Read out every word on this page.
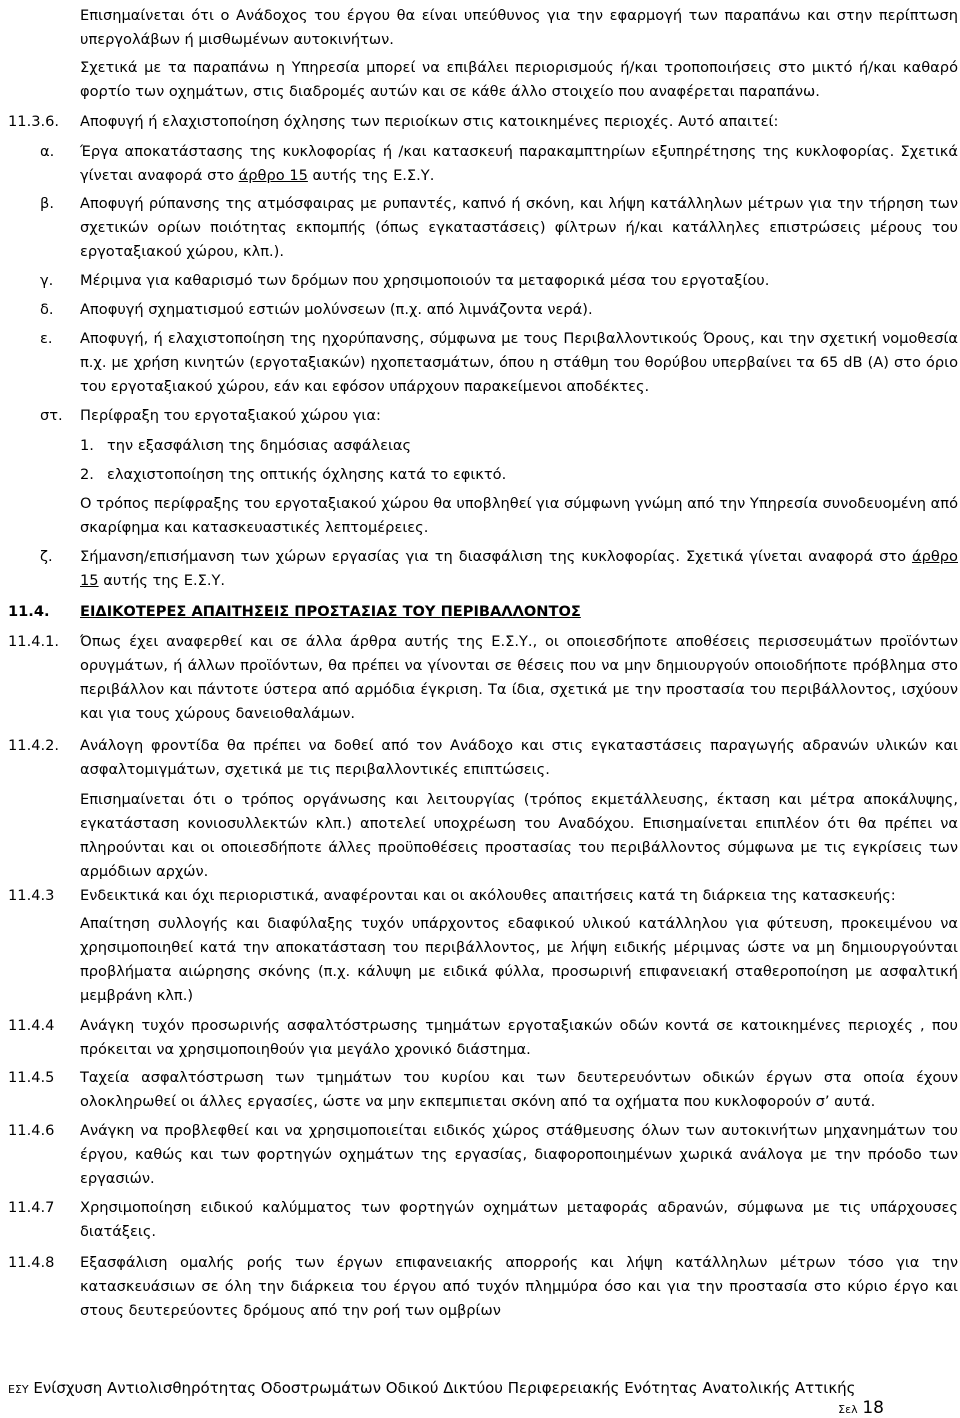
Επισημαίνεται ότι ο Ανάδοχος του έργου θα είναι υπεύθυνος για την εφαρμογή των παραπάνω και στην περίπτωση υπεργολάβων ή μισθωμένων αυτοκινήτων.

Σχετικά με τα παραπάνω η Υπηρεσία μπορεί να επιβάλει περιορισμούς ή/και τροποποιήσεις στο μικτό ή/και καθαρό φορτίο των οχημάτων, στις διαδρομές αυτών και σε κάθε άλλο στοιχείο που αναφέρεται παραπάνω.

11.3.6. Αποφυγή ή ελαχιστοποίηση όχλησης των περιοίκων στις κατοικημένες περιοχές. Αυτό απαιτεί:

α. Έργα αποκατάστασης της κυκλοφορίας ή /και κατασκευή παρακαμπτηρίων εξυπηρέτησης της κυκλοφορίας. Σχετικά γίνεται αναφορά στο άρθρο 15 αυτής της Ε.Σ.Υ.

β. Αποφυγή ρύπανσης της ατμόσφαιρας με ρυπαντές, καπνό ή σκόνη, και λήψη κατάλληλων μέτρων για την τήρηση των σχετικών ορίων ποιότητας εκπομπής (όπως εγκαταστάσεις) φίλτρων ή/και κατάλληλες επιστρώσεις μέρους του εργοταξιακού χώρου, κλπ.).

γ. Μέριμνα για καθαρισμό των δρόμων που χρησιμοποιούν τα μεταφορικά μέσα του εργοταξίου.

δ. Αποφυγή σχηματισμού εστιών μολύνσεων (π.χ. από λιμνάζοντα νερά).

ε. Αποφυγή, ή ελαχιστοποίηση της ηχορύπανσης, σύμφωνα με τους Περιβαλλοντικούς Όρους, και την σχετική νομοθεσία π.χ. με χρήση κινητών (εργοταξιακών) ηχοπετασμάτων, όπου η στάθμη του θορύβου υπερβαίνει τα 65 dB (A) στο όριο του εργοταξιακού χώρου, εάν και εφόσον υπάρχουν παρακείμενοι αποδέκτες.

στ. Περίφραξη του εργοταξιακού χώρου για:

1. την εξασφάλιση της δημόσιας ασφάλειας
2. ελαχιστοποίηση της οπτικής όχλησης κατά το εφικτό.

Ο τρόπος περίφραξης του εργοταξιακού χώρου θα υποβληθεί για σύμφωνη γνώμη από την Υπηρεσία συνοδευομένη από σκαρίφημα και κατασκευαστικές λεπτομέρειες.

ζ. Σήμανση/επισήμανση των χώρων εργασίας για τη διασφάλιση της κυκλοφορίας. Σχετικά γίνεται αναφορά στο άρθρο 15 αυτής της Ε.Σ.Υ.

11.4. ΕΙΔΙΚΟΤΕΡΕΣ ΑΠΑΙΤΗΣΕΙΣ ΠΡΟΣΤΑΣΙΑΣ ΤΟΥ ΠΕΡΙΒΑΛΛΟΝΤΟΣ
11.4.1. Όπως έχει αναφερθεί και σε άλλα άρθρα αυτής της Ε.Σ.Υ., οι οποιεσδήποτε αποθέσεις περισσευμάτων προϊόντων ορυγμάτων, ή άλλων προϊόντων, θα πρέπει να γίνονται σε θέσεις που να μην δημιουργούν οποιοδήποτε πρόβλημα στο περιβάλλον και πάντοτε ύστερα από αρμόδια έγκριση. Τα ίδια, σχετικά με την προστασία του περιβάλλοντος, ισχύουν και για τους χώρους δανειοθαλάμων.

11.4.2. Ανάλογη φροντίδα θα πρέπει να δοθεί από τον Ανάδοχο και στις εγκαταστάσεις παραγωγής αδρανών υλικών και ασφαλτομιγμάτων, σχετικά με τις περιβαλλοντικές επιπτώσεις.

Επισημαίνεται ότι ο τρόπος οργάνωσης και λειτουργίας (τρόπος εκμετάλλευσης, έκταση και μέτρα αποκάλυψης, εγκατάσταση κονιοσυλλεκτών κλπ.) αποτελεί υποχρέωση του Αναδόχου. Επισημαίνεται επιπλέον ότι θα πρέπει να πληρούνται και οι οποιεσδήποτε άλλες προϋποθέσεις προστασίας του περιβάλλοντος σύμφωνα με τις εγκρίσεις των αρμόδιων αρχών.

11.4.3 Ενδεικτικά και όχι περιοριστικά, αναφέρονται και οι ακόλουθες απαιτήσεις κατά τη διάρκεια της κατασκευής:

Απαίτηση συλλογής και διαφύλαξης τυχόν υπάρχοντος εδαφικού υλικού κατάλληλου για φύτευση, προκειμένου να χρησιμοποιηθεί κατά την αποκατάσταση του περιβάλλοντος, με λήψη ειδικής μέριμνας ώστε να μη δημιουργούνται προβλήματα αιώρησης σκόνης (π.χ. κάλυψη με ειδικά φύλλα, προσωρινή επιφανειακή σταθεροποίηση με ασφαλτική μεμβράνη κλπ.)

11.4.4 Ανάγκη τυχόν προσωρινής ασφαλτόστρωσης τμημάτων εργοταξιακών οδών κοντά σε κατοικημένες περιοχές , που πρόκειται να χρησιμοποιηθούν για μεγάλο χρονικό διάστημα.

11.4.5 Ταχεία ασφαλτόστρωση των τμημάτων του κυρίου και των δευτερευόντων οδικών έργων στα οποία έχουν ολοκληρωθεί οι άλλες εργασίες, ώστε να μην εκπεμπιεται σκόνη από τα οχήματα που κυκλοφορούν σ’ αυτά.

11.4.6 Ανάγκη να προβλεφθεί και να χρησιμοποιείται ειδικός χώρος στάθμευσης όλων των αυτοκινήτων μηχανημάτων του έργου, καθώς και των φορτηγών οχημάτων της εργασίας, διαφοροποιημένων χωρικά ανάλογα με την πρόοδο των εργασιών.

11.4.7 Χρησιμοποίηση ειδικού καλύμματος των φορτηγών οχημάτων μεταφοράς αδρανών, σύμφωνα με τις υπάρχουσες διατάξεις.

11.4.8 Εξασφάλιση ομαλής ροής των έργων επιφανειακής απορροής και λήψη κατάλληλων μέτρων τόσο για την κατασκευάσιων σε όλη την διάρκεια του έργου από τυχόν πλημμύρα όσο και για την προστασία στο κύριο έργο και στους δευτερεύοντες δρόμους από την ροή των ομβρίων

ΕΣΥ Ενίσχυση Αντιολισθηρότητας Οδοστρωμάτων Οδικού Δικτύου Περιφερειακής Ενότητας Ανατολικής Αττικής
Σελ 18
